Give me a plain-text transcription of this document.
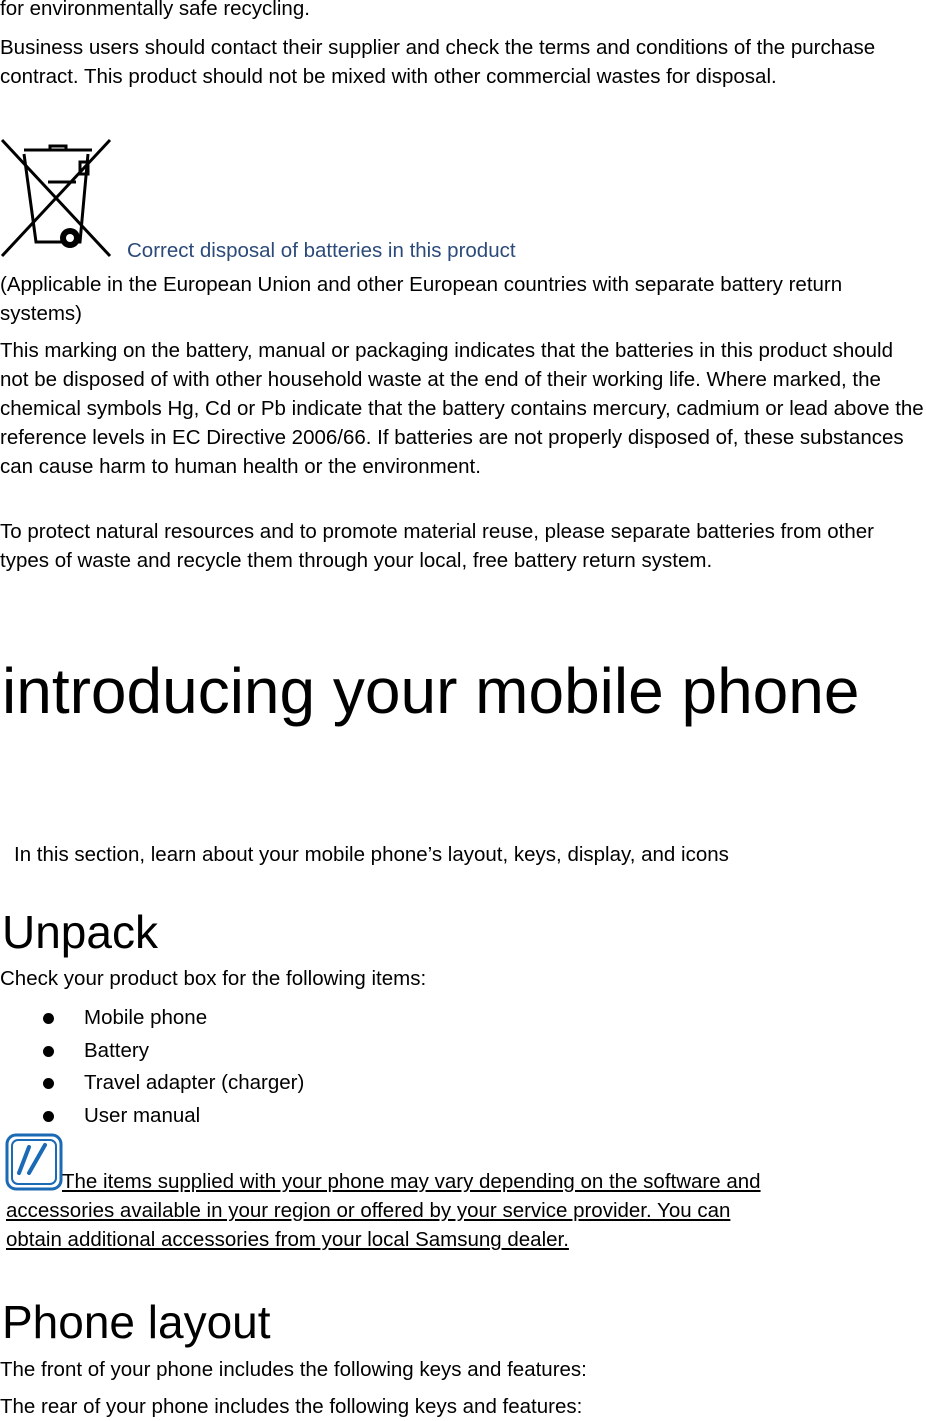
for environmentally safe recycling.

Business users should contact their supplier and check the terms and conditions of the purchase contract. This product should not be mixed with other commercial wastes for disposal.

Correct disposal of batteries in this product

(Applicable in the European Union and other European countries with separate battery return systems)

This marking on the battery, manual or packaging indicates that the batteries in this product should not be disposed of with other household waste at the end of their working life. Where marked, the chemical symbols Hg, Cd or Pb indicate that the battery contains mercury, cadmium or lead above the reference levels in EC Directive 2006/66. If batteries are not properly disposed of, these substances can cause harm to human health or the environment.

To protect natural resources and to promote material reuse, please separate batteries from other types of waste and recycle them through your local, free battery return system.

introducing your mobile phone
In this section, learn about your mobile phone’s layout, keys, display, and icons
Unpack

Check your product box for the following items:

Mobile phone
Battery
Travel adapter (charger)
User manual
The items supplied with your phone may vary depending on the software and
accessories available in your region or offered by your service provider. You can
obtain additional accessories from your local Samsung dealer.
Phone layout

The front of your phone includes the following keys and features:

The rear of your phone includes the following keys and features:
